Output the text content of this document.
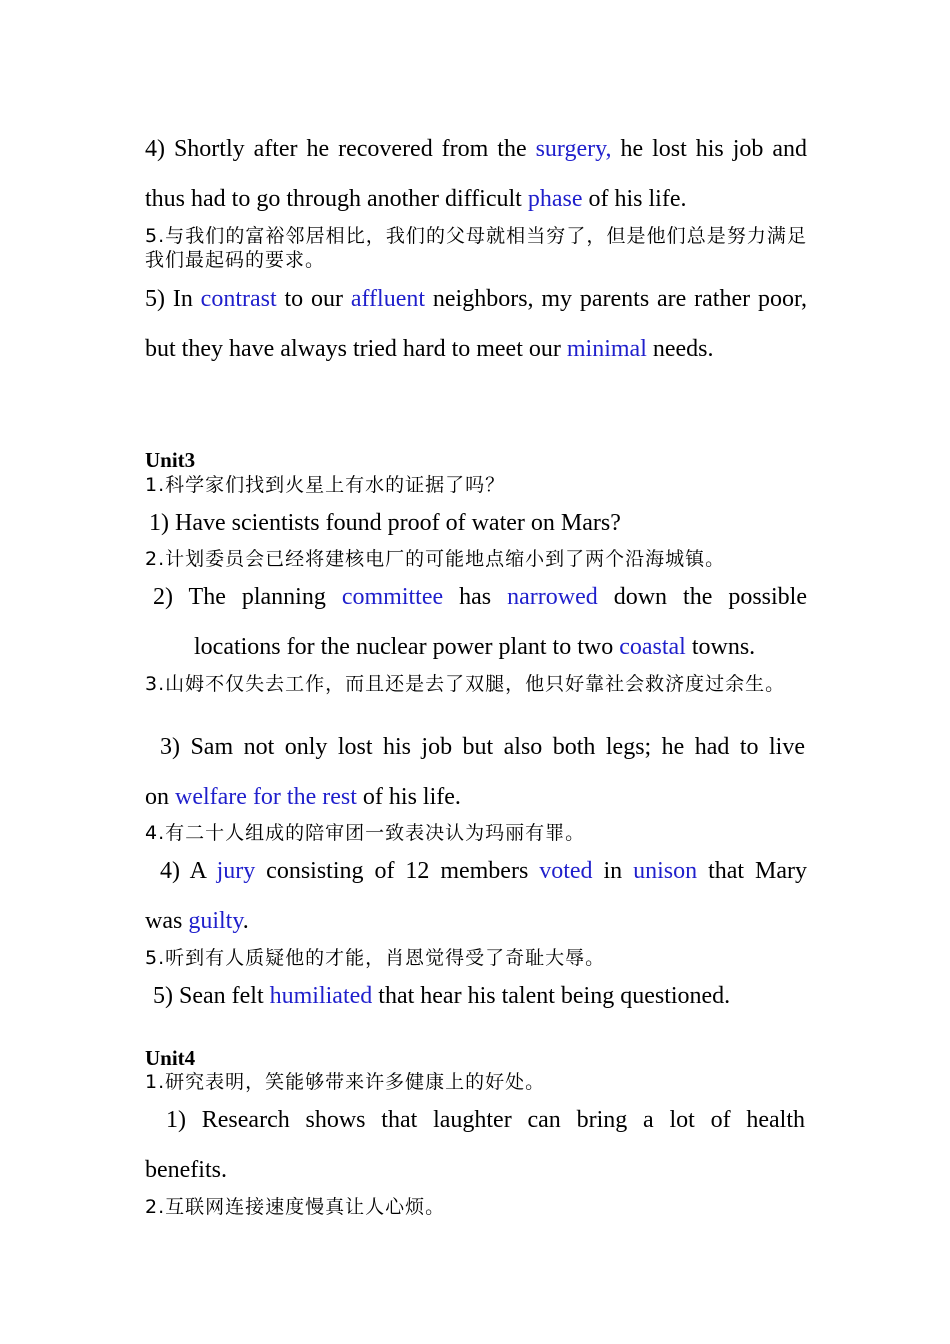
4) Shortly after he recovered from the surgery, he lost his job and thus had to go through another difficult phase of his life.

5.与我们的富裕邻居相比，我们的父母就相当穷了，但是他们总是努力满足我们最起码的要求。

5) In contrast to our affluent neighbors, my parents are rather poor, but they have always tried hard to meet our minimal needs.

Unit3

1.科学家们找到火星上有水的证据了吗？

1) Have scientists found proof of water on Mars?

2.计划委员会已经将建核电厂的可能地点缩小到了两个沿海城镇。

2) The planning committee has narrowed down the possible

locations for the nuclear power plant to two coastal towns.

3.山姆不仅失去工作，而且还是去了双腿，他只好靠社会救济度过余生。

3) Sam not only lost his job but also both legs; he had to live

on welfare for the rest of his life.

4.有二十人组成的陪审团一致表决认为玛丽有罪。

4) A jury consisting of 12 members voted in unison that Mary

was guilty.

5.听到有人质疑他的才能，肖恩觉得受了奇耻大辱。

5) Sean felt humiliated that hear his talent being questioned.

Unit4

1.研究表明，笑能够带来许多健康上的好处。

1) Research shows that laughter can bring a lot of health

benefits.

2.互联网连接速度慢真让人心烦。
